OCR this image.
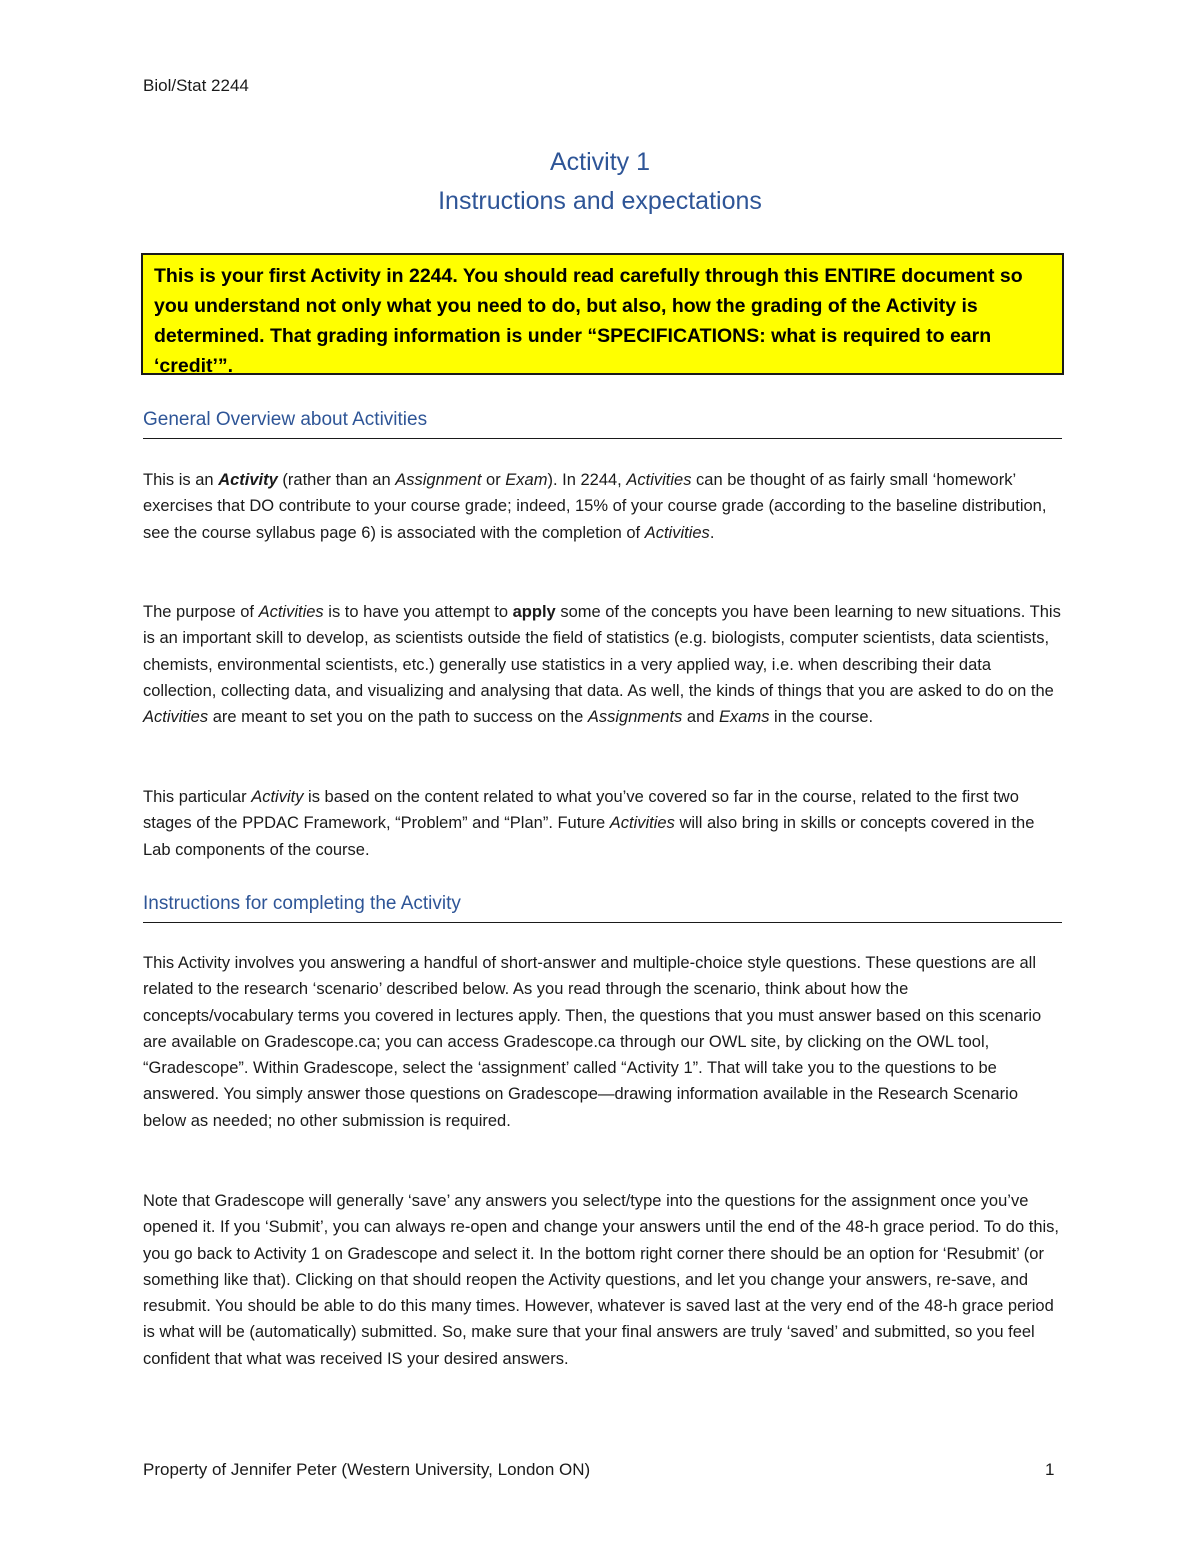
Biol/Stat 2244
Activity 1
Instructions and expectations
This is your first Activity in 2244. You should read carefully through this ENTIRE document so you understand not only what you need to do, but also, how the grading of the Activity is determined. That grading information is under “SPECIFICATIONS: what is required to earn ‘credit’”.
General Overview about Activities
This is an Activity (rather than an Assignment or Exam). In 2244, Activities can be thought of as fairly small ‘homework’ exercises that DO contribute to your course grade; indeed, 15% of your course grade (according to the baseline distribution, see the course syllabus page 6) is associated with the completion of Activities.
The purpose of Activities is to have you attempt to apply some of the concepts you have been learning to new situations. This is an important skill to develop, as scientists outside the field of statistics (e.g. biologists, computer scientists, data scientists, chemists, environmental scientists, etc.) generally use statistics in a very applied way, i.e. when describing their data collection, collecting data, and visualizing and analysing that data. As well, the kinds of things that you are asked to do on the Activities are meant to set you on the path to success on the Assignments and Exams in the course.
This particular Activity is based on the content related to what you’ve covered so far in the course, related to the first two stages of the PPDAC Framework, “Problem” and “Plan”. Future Activities will also bring in skills or concepts covered in the Lab components of the course.
Instructions for completing the Activity
This Activity involves you answering a handful of short-answer and multiple-choice style questions. These questions are all related to the research ‘scenario’ described below. As you read through the scenario, think about how the concepts/vocabulary terms you covered in lectures apply. Then, the questions that you must answer based on this scenario are available on Gradescope.ca; you can access Gradescope.ca through our OWL site, by clicking on the OWL tool, “Gradescope”. Within Gradescope, select the ‘assignment’ called “Activity 1”. That will take you to the questions to be answered. You simply answer those questions on Gradescope—drawing information available in the Research Scenario below as needed; no other submission is required.
Note that Gradescope will generally ‘save’ any answers you select/type into the questions for the assignment once you’ve opened it. If you ‘Submit’, you can always re-open and change your answers until the end of the 48-h grace period. To do this, you go back to Activity 1 on Gradescope and select it. In the bottom right corner there should be an option for ‘Resubmit’ (or something like that). Clicking on that should reopen the Activity questions, and let you change your answers, re-save, and resubmit. You should be able to do this many times. However, whatever is saved last at the very end of the 48-h grace period is what will be (automatically) submitted. So, make sure that your final answers are truly ‘saved’ and submitted, so you feel confident that what was received IS your desired answers.
Property of Jennifer Peter (Western University, London ON)	1
